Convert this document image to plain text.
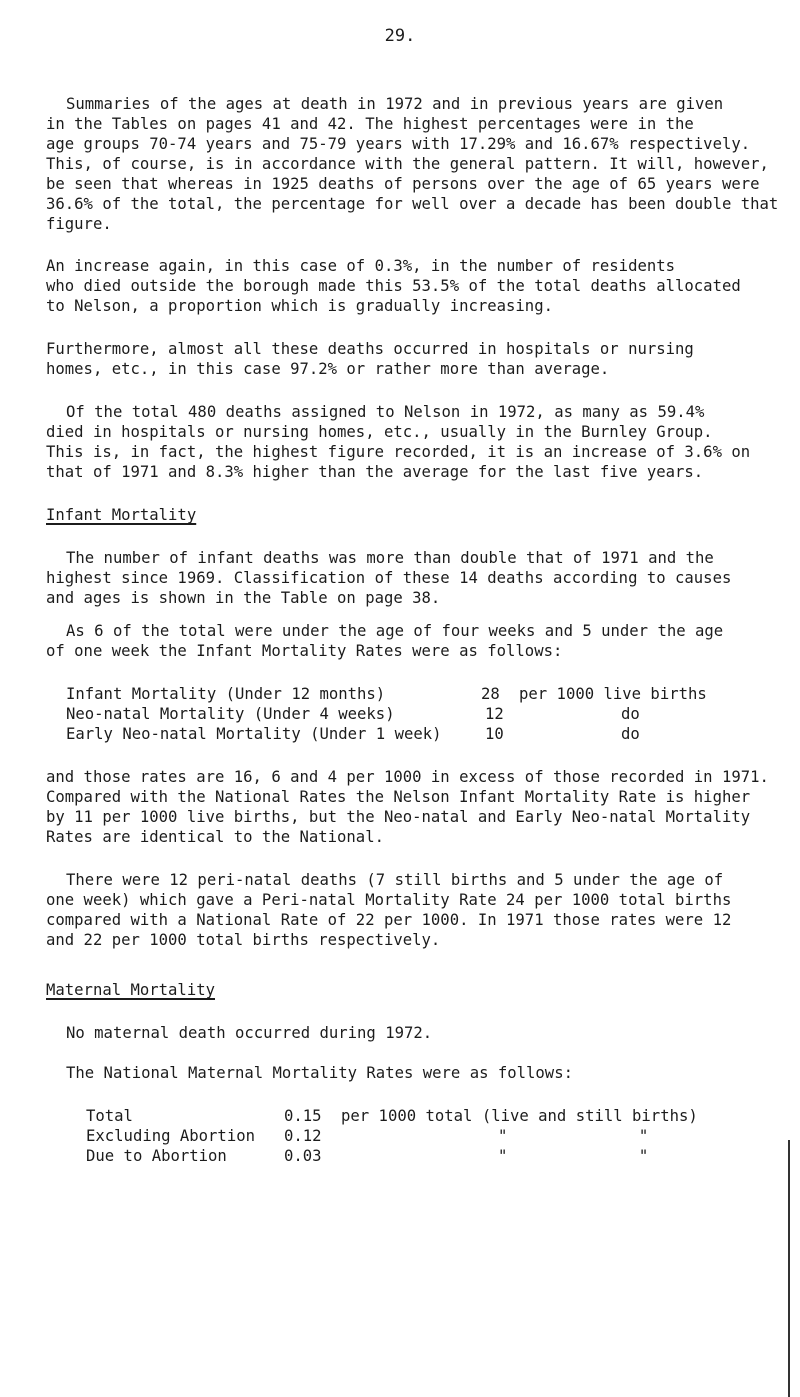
29.
Summaries of the ages at death in 1972 and in previous years are given
in the Tables on pages 41 and 42. The highest percentages were in the
age groups 70-74 years and 75-79 years with 17.29% and 16.67% respectively.
This, of course, is in accordance with the general pattern. It will, however,
be seen that whereas in 1925 deaths of persons over the age of 65 years were
36.6% of the total, the percentage for well over a decade has been double that
figure.
An increase again, in this case of 0.3%, in the number of residents
who died outside the borough made this 53.5% of the total deaths allocated
to Nelson, a proportion which is gradually increasing.
Furthermore, almost all these deaths occurred in hospitals or nursing
homes, etc., in this case 97.2% or rather more than average.
Of the total 480 deaths assigned to Nelson in 1972, as many as 59.4%
died in hospitals or nursing homes, etc., usually in the Burnley Group.
This is, in fact, the highest figure recorded, it is an increase of 3.6% on
that of 1971 and 8.3% higher than the average for the last five years.
Infant Mortality
The number of infant deaths was more than double that of 1971 and the
highest since 1969. Classification of these 14 deaths according to causes
and ages is shown in the Table on page 38.
As 6 of the total were under the age of four weeks and 5 under the age
of one week the Infant Mortality Rates were as follows:
Infant Mortality (Under 12 months)	28 per 1000 live births
Neo-natal Mortality (Under 4 weeks)	12	do
Early Neo-natal Mortality (Under 1 week)	10	do
and those rates are 16, 6 and 4 per 1000 in excess of those recorded in 1971.
Compared with the National Rates the Nelson Infant Mortality Rate is higher
by 11 per 1000 live births, but the Neo-natal and Early Neo-natal Mortality
Rates are identical to the National.
There were 12 peri-natal deaths (7 still births and 5 under the age of
one week) which gave a Peri-natal Mortality Rate 24 per 1000 total births
compared with a National Rate of 22 per 1000. In 1971 those rates were 12
and 22 per 1000 total births respectively.
Maternal Mortality
No maternal death occurred during 1972.
The National Maternal Mortality Rates were as follows:
Total	0.15 per 1000 total (live and still births)
Excluding Abortion 0.12	"              "
Due to Abortion	0.03	"              "
